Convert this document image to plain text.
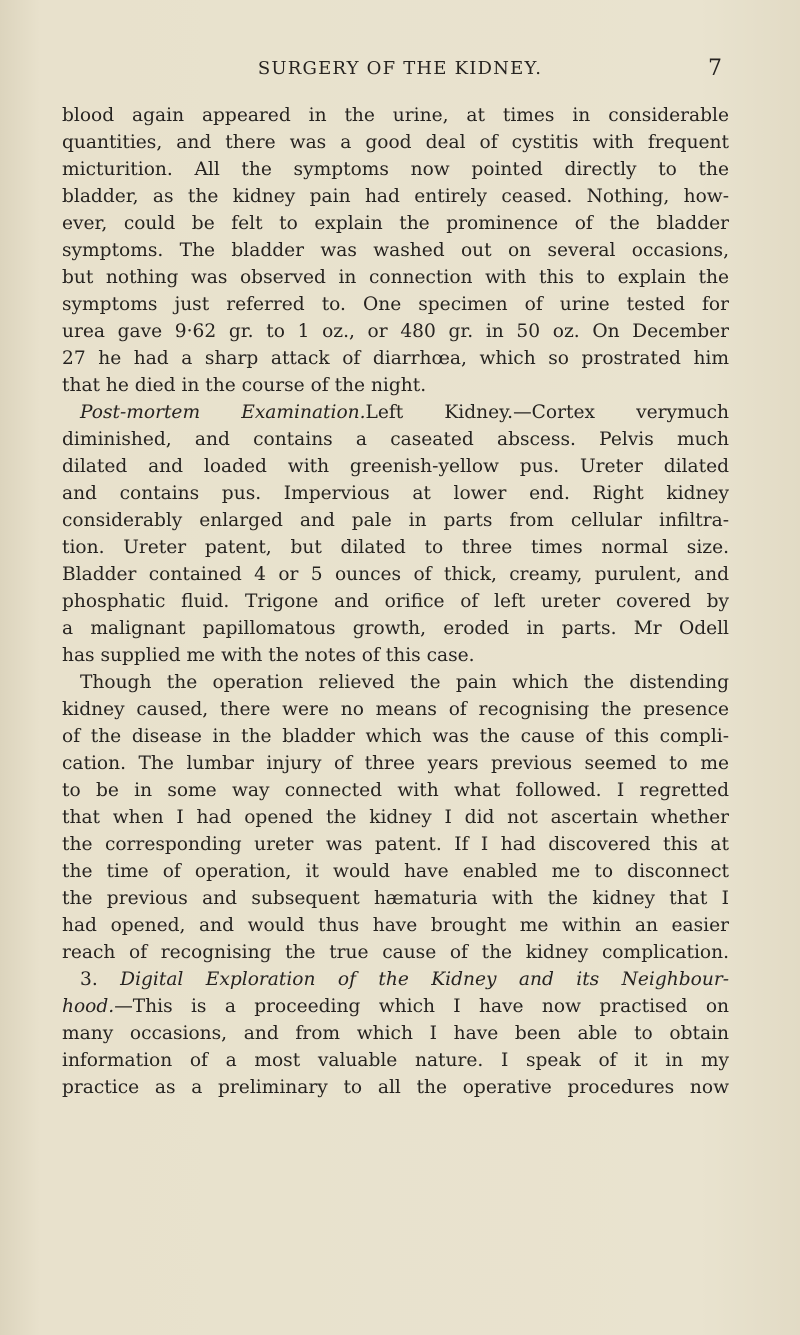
SURGERY OF THE KIDNEY.	7
blood again appeared in the urine, at times in considerable
quantities, and there was a good deal of cystitis with frequent
micturition. All the symptoms now pointed directly to the
bladder, as the kidney pain had entirely ceased. Nothing, how-
ever, could be felt to explain the prominence of the bladder
symptoms. The bladder was washed out on several occasions,
but nothing was observed in connection with this to explain the
symptoms just referred to. One specimen of urine tested for
urea gave 9·62 gr. to 1 oz., or 480 gr. in 50 oz. On December
27 he had a sharp attack of diarrhœa, which so prostrated him
that he died in the course of the night.
Post-mortem Examination.Left Kidney.—Cortex verymuch
diminished, and contains a caseated abscess. Pelvis much
dilated and loaded with greenish-yellow pus. Ureter dilated
and contains pus. Impervious at lower end. Right kidney
considerably enlarged and pale in parts from cellular infiltra-
tion. Ureter patent, but dilated to three times normal size.
Bladder contained 4 or 5 ounces of thick, creamy, purulent, and
phosphatic fluid. Trigone and orifice of left ureter covered by
a malignant papillomatous growth, eroded in parts. Mr Odell
has supplied me with the notes of this case.
Though the operation relieved the pain which the distending
kidney caused, there were no means of recognising the presence
of the disease in the bladder which was the cause of this compli-
cation. The lumbar injury of three years previous seemed to me
to be in some way connected with what followed. I regretted
that when I had opened the kidney I did not ascertain whether
the corresponding ureter was patent. If I had discovered this at
the time of operation, it would have enabled me to disconnect
the previous and subsequent hæmaturia with the kidney that I
had opened, and would thus have brought me within an easier
reach of recognising the true cause of the kidney complication.
3. Digital Exploration of the Kidney and its Neighbour-
hood.—This is a proceeding which I have now practised on
many occasions, and from which I have been able to obtain
information of a most valuable nature. I speak of it in my
practice as a preliminary to all the operative procedures now
